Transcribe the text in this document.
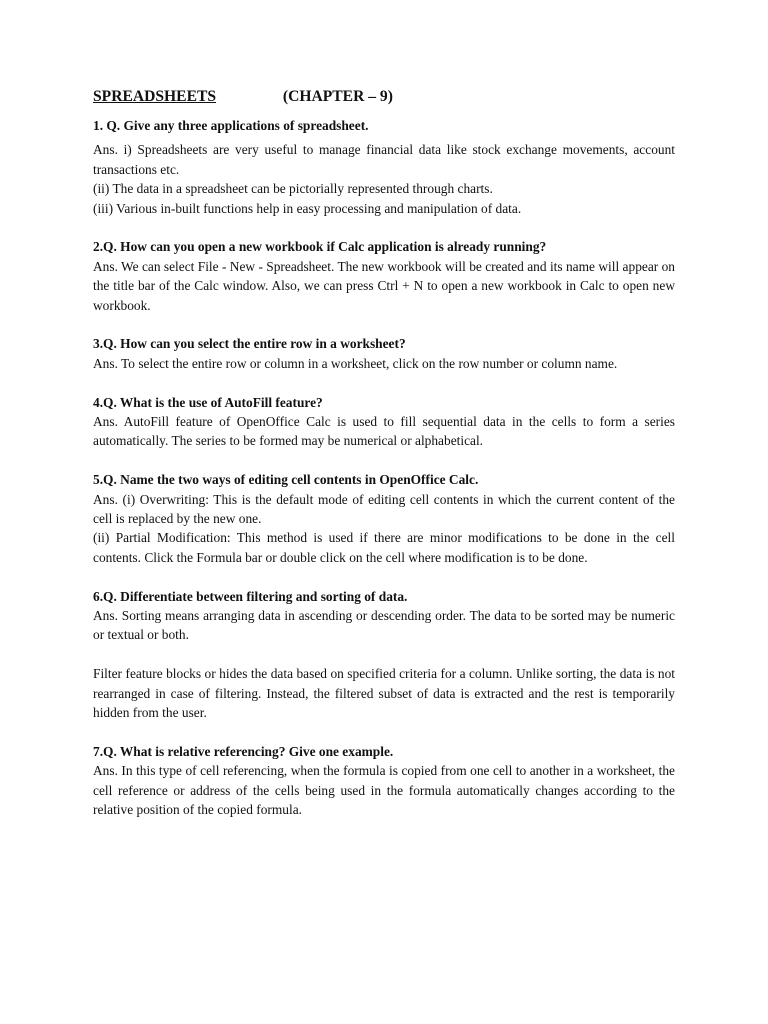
SPREADSHEETS	(CHAPTER – 9)

1. Q. Give any three applications of spreadsheet.

Ans. i) Spreadsheets are very useful to manage financial data like stock exchange movements, account transactions etc.

(ii) The data in a spreadsheet can be pictorially represented through charts.

(iii) Various in-built functions help in easy processing and manipulation of data.

2.Q. How can you open a new workbook if Calc application is already running?

Ans. We can select File - New - Spreadsheet. The new workbook will be created and its name will appear on the title bar of the Calc window. Also, we can press Ctrl + N to open a new workbook in Calc to open new workbook.

3.Q. How can you select the entire row in a worksheet?

Ans. To select the entire row or column in a worksheet, click on the row number or column name.

4.Q. What is the use of AutoFill feature?

Ans. AutoFill feature of OpenOffice Calc is used to fill sequential data in the cells to form a series automatically. The series to be formed may be numerical or alphabetical.

5.Q. Name the two ways of editing cell contents in OpenOffice Calc.

Ans. (i) Overwriting: This is the default mode of editing cell contents in which the current content of the cell is replaced by the new one.

(ii) Partial Modification: This method is used if there are minor modifications to be done in the cell contents. Click the Formula bar or double click on the cell where modification is to be done.

6.Q. Differentiate between filtering and sorting of data.

Ans. Sorting means arranging data in ascending or descending order. The data to be sorted may be numeric or textual or both.

Filter feature blocks or hides the data based on specified criteria for a column. Unlike sorting, the data is not rearranged in case of filtering. Instead, the filtered subset of data is extracted and the rest is temporarily hidden from the user.

7.Q. What is relative referencing? Give one example.

Ans. In this type of cell referencing, when the formula is copied from one cell to another in a worksheet, the cell reference or address of the cells being used in the formula automatically changes according to the relative position of the copied formula.
